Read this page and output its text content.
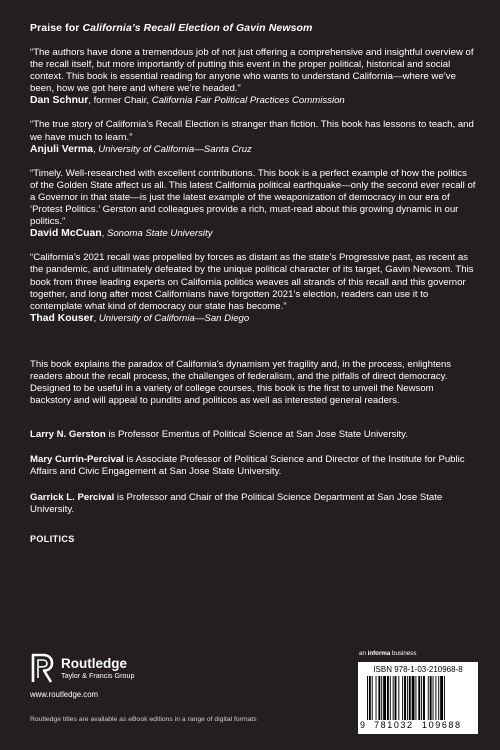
Praise for California’s Recall Election of Gavin Newsom

“The authors have done a tremendous job of not just offering a comprehensive and insightful overview of the recall itself, but more importantly of putting this event in the proper political, historical and social context. This book is essential reading for anyone who wants to understand California—where we’ve been, how we got here and where we’re headed.”

Dan Schnur, former Chair, California Fair Political Practices Commission

“The true story of California’s Recall Election is stranger than fiction. This book has lessons to teach, and we have much to learn.”

Anjuli Verma, University of California—Santa Cruz

“Timely. Well-researched with excellent contributions. This book is a perfect example of how the politics of the Golden State affect us all. This latest California political earthquake—only the second ever recall of a Governor in that state—is just the latest example of the weaponization of democracy in our era of ‘Protest Politics.’ Gerston and colleagues provide a rich, must-read about this growing dynamic in our politics.”

David McCuan, Sonoma State University

“California’s 2021 recall was propelled by forces as distant as the state’s Progressive past, as recent as the pandemic, and ultimately defeated by the unique political character of its target, Gavin Newsom. This book from three leading experts on California politics weaves all strands of this recall and this governor together, and long after most Californians have forgotten 2021’s election, readers can use it to contemplate what kind of democracy our state has become.”

Thad Kouser, University of California—San Diego

This book explains the paradox of California’s dynamism yet fragility and, in the process, enlightens readers about the recall process, the challenges of federalism, and the pitfalls of direct democracy. Designed to be useful in a variety of college courses, this book is the first to unveil the Newsom backstory and will appeal to pundits and politicos as well as interested general readers.

Larry N. Gerston is Professor Emeritus of Political Science at San Jose State University.

Mary Currin-Percival is Associate Professor of Political Science and Director of the Institute for Public Affairs and Civic Engagement at San Jose State University.

Garrick L. Percival is Professor and Chair of the Political Science Department at San Jose State University.

POLITICS
Routledge
Taylor & Francis Group
www.routledge.com
Routledge titles are available as eBook editions in a range of digital formats
an informa business
ISBN 978-1-03-210968-8
9 781032 109688
